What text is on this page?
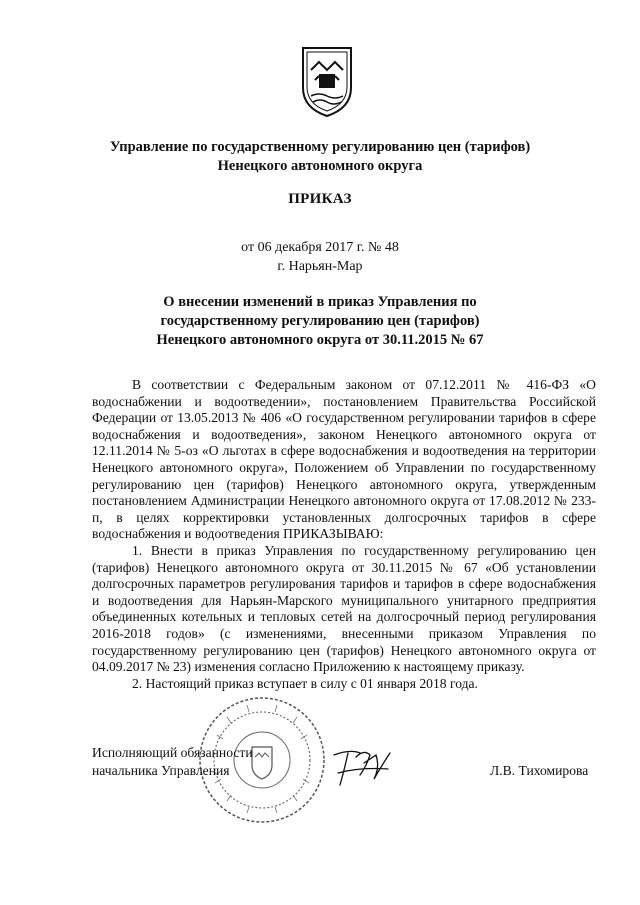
Управление по государственному регулированию цен (тарифов)
Ненецкого автономного округа
ПРИКАЗ
от 06 декабря 2017 г. № 48
г. Нарьян-Мар
О внесении изменений в приказ Управления по
государственному регулированию цен (тарифов)
Ненецкого автономного округа от 30.11.2015 № 67

В соответствии с Федеральным законом от 07.12.2011 № 416-ФЗ «О водоснабжении и водоотведении», постановлением Правительства Российской Федерации от 13.05.2013 № 406 «О государственном регулировании тарифов в сфере водоснабжения и водоотведения», законом Ненецкого автономного округа от 12.11.2014 № 5-оз «О льготах в сфере водоснабжения и водоотведения на территории Ненецкого автономного округа», Положением об Управлении по государственному регулированию цен (тарифов) Ненецкого автономного округа, утвержденным постановлением Администрации Ненецкого автономного округа от 17.08.2012 № 233-п, в целях корректировки установленных долгосрочных тарифов в сфере водоснабжения и водоотведения ПРИКАЗЫВАЮ:

1. Внести в приказ Управления по государственному регулированию цен (тарифов) Ненецкого автономного округа от 30.11.2015 № 67 «Об установлении долгосрочных параметров регулирования тарифов и тарифов в сфере водоснабжения и водоотведения для Нарьян-Марского муниципального унитарного предприятия объединенных котельных и тепловых сетей на долгосрочный период регулирования 2016-2018 годов» (с изменениями, внесенными приказом Управления по государственному регулированию цен (тарифов) Ненецкого автономного округа от 04.09.2017 № 23) изменения согласно Приложению к настоящему приказу.

2. Настоящий приказ вступает в силу с 01 января 2018 года.

Исполняющий обязанности
начальника Управления	Л.В. Тихомирова
